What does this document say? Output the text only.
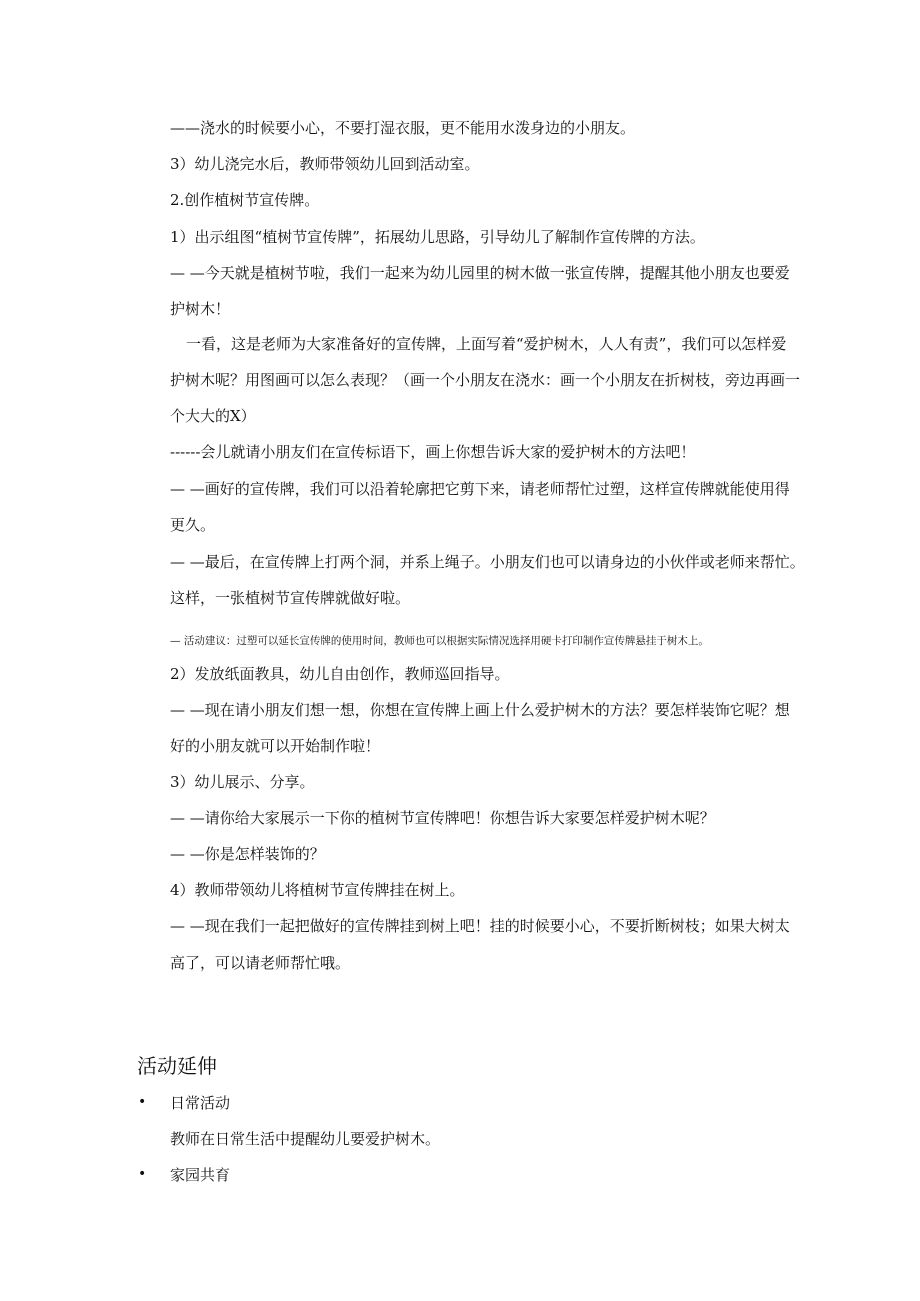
——浇水的时候要小心，不要打湿衣服，更不能用水泼身边的小朋友。
3）幼儿浇完水后，教师带领幼儿回到活动室。
2.创作植树节宣传牌。
1）出示组图“植树节宣传牌”，拓展幼儿思路，引导幼儿了解制作宣传牌的方法。
— —今天就是植树节啦，我们一起来为幼儿园里的树木做一张宣传牌，提醒其他小朋友也要爱
护树木！
一看，这是老师为大家准备好的宣传牌，上面写着“爱护树木，人人有责”，我们可以怎样爱
护树木呢？用图画可以怎么表现？（画一个小朋友在浇水：画一个小朋友在折树枝，旁边再画一
个大大的X）
------会儿就请小朋友们在宣传标语下，画上你想告诉大家的爱护树木的方法吧！
— —画好的宣传牌，我们可以沿着轮廓把它剪下来，请老师帮忙过塑，这样宣传牌就能使用得
更久。
— —最后，在宣传牌上打两个洞，并系上绳子。小朋友们也可以请身边的小伙伴或老师来帮忙。
这样，一张植树节宣传牌就做好啦。
— 活动建议：过塑可以延长宣传牌的使用时间，教师也可以根据实际情况选择用硬卡打印制作宣传牌悬挂于树木上。
2）发放纸面教具，幼儿自由创作，教师巡回指导。
— —现在请小朋友们想一想，你想在宣传牌上画上什么爱护树木的方法？要怎样装饰它呢？想
好的小朋友就可以开始制作啦！
3）幼儿展示、分享。
— —请你给大家展示一下你的植树节宣传牌吧！你想告诉大家要怎样爱护树木呢？
— —你是怎样装饰的？
4）教师带领幼儿将植树节宣传牌挂在树上。
— —现在我们一起把做好的宣传牌挂到树上吧！挂的时候要小心，不要折断树枝；如果大树太
高了，可以请老师帮忙哦。
活动延伸
• 日常活动
教师在日常生活中提醒幼儿要爱护树木。
• 家园共育
